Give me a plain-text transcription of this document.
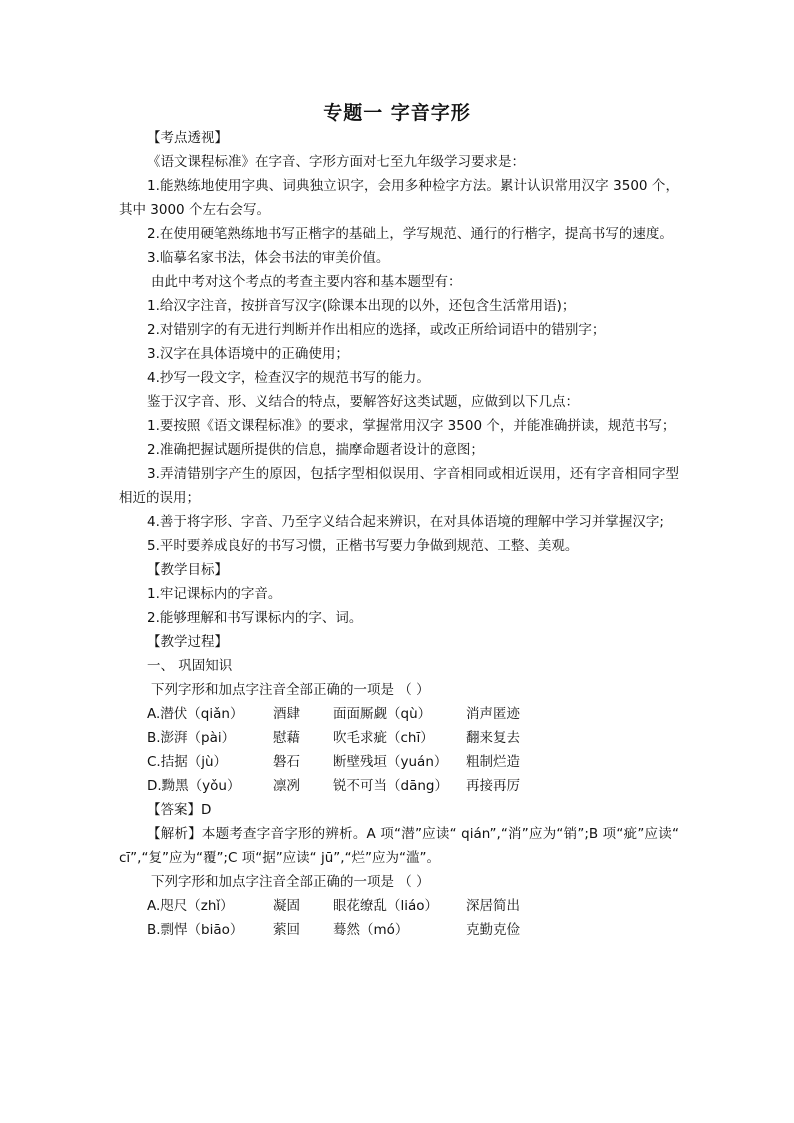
专题一 字音字形

【考点透视】

《语文课程标准》在字音、字形方面对七至九年级学习要求是：

1.能熟练地使用字典、词典独立识字，会用多种检字方法。累计认识常用汉字 3500 个，其中 3000 个左右会写。

2.在使用硬笔熟练地书写正楷字的基础上，学写规范、通行的行楷字，提高书写的速度。

3.临摹名家书法，体会书法的审美价值。

由此中考对这个考点的考查主要内容和基本题型有：

1.给汉字注音，按拼音写汉字(除课本出现的以外，还包含生活常用语)；

2.对错别字的有无进行判断并作出相应的选择，或改正所给词语中的错别字；

3.汉字在具体语境中的正确使用；

4.抄写一段文字，检查汉字的规范书写的能力。

鉴于汉字音、形、义结合的特点，要解答好这类试题，应做到以下几点：

1.要按照《语文课程标准》的要求，掌握常用汉字 3500 个，并能准确拼读，规范书写；

2.准确把握试题所提供的信息，揣摩命题者设计的意图；

3.弄清错别字产生的原因，包括字型相似误用、字音相同或相近误用，还有字音相同字型相近的误用；

4.善于将字形、字音、乃至字义结合起来辨识，在对具体语境的理解中学习并掌握汉字;

5.平时要养成良好的书写习惯，正楷书写要力争做到规范、工整、美观。

【教学目标】

1.牢记课标内的字音。

2.能够理解和书写课标内的字、词。

【教学过程】

一、 巩固知识

下列字形和加点字注音全部正确的一项是 （ ）

A.潜伏（qiǎn）	酒肆	面面厮觑（qù）	消声匿迹
B.澎湃（pài）	慰藉	吹毛求疵（chī）	翻来复去
C.拮据（jù）	磐石	断壁残垣（yuán）	粗制烂造
D.黝黑（yǒu）	凛冽	锐不可当（dāng）	再接再厉

【答案】D

【解析】本题考查字音字形的辨析。A 项“潜”应读“ qián”,“消”应为“销”;B 项“疵”应读“ cī”,“复”应为“覆”;C 项“据”应读“ jū”,“烂”应为“滥”。

下列字形和加点字注音全部正确的一项是 （ ）

A.咫尺（zhǐ）	凝固	眼花缭乱（liáo）	深居简出
B.剽悍（biāo）	萦回	蓦然（mó）	克勤克俭
